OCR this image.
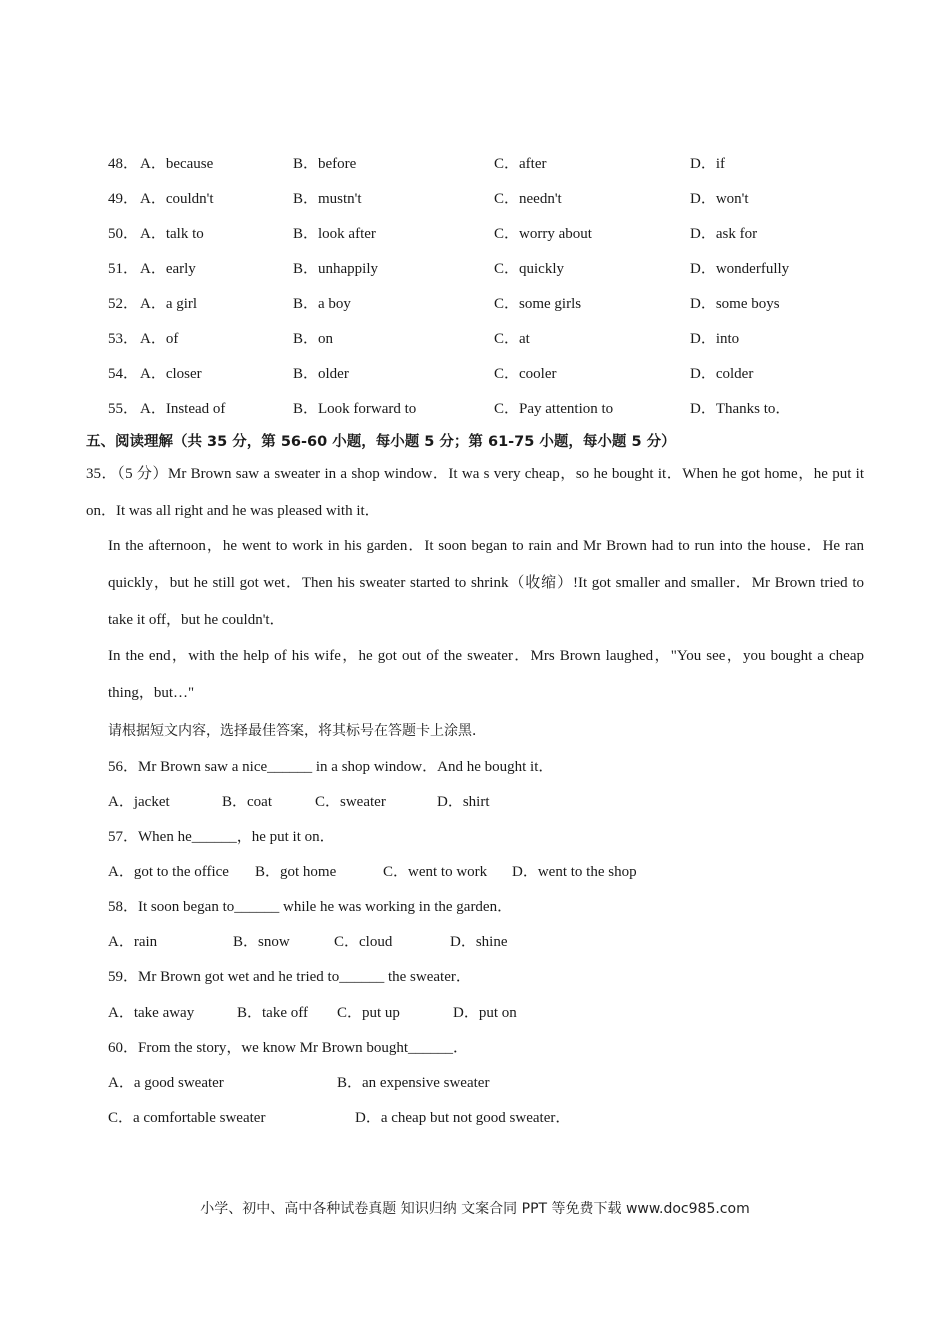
48． A．because	B．before	C．after	D．if
49． A．couldn't	B．mustn't	C．needn't	D．won't
50． A．talk to	B．look after	C．worry about	D．ask for
51． A．early	B．unhappily	C．quickly	D．wonderfully
52． A．a girl	B．a boy	C．some girls	D．some boys
53． A．of	B．on	C．at	D．into
54． A．closer	B．older	C．cooler	D．colder
55． A．Instead of	B．Look forward to	C．Pay attention to	D．Thanks to．
五、阅读理解（共 35 分，第 56-60 小题，每小题 5 分；第 61-75 小题，每小题 5 分）
35．（5 分）Mr Brown saw a sweater in a shop window．It wa s very cheap，so he bought it．When he got home，he put it on．It was all right and he was pleased with it．
In the afternoon，he went to work in his garden．It soon began to rain and Mr Brown had to run into the house．He ran quickly，but he still got wet．Then his sweater started to shrink（收缩）!It got smaller and smaller．Mr Brown tried to take it off，but he couldn't．
In the end，with the help of his wife，he got out of the sweater．Mrs Brown laughed，"You see，you bought a cheap thing，but…"
请根据短文内容，选择最佳答案，将其标号在答题卡上涂黑．
56．Mr Brown saw a nice______ in a shop window．And he bought it．
A．jacket	B．coat	C．sweater	D．shirt
57．When he______，he put it on．
A．got to the office B．got home	C．went to work D．went to the shop
58．It soon began to______ while he was working in the garden．
A．rain	B．snow	C．cloud	D．shine
59．Mr Brown got wet and he tried to______ the sweater．
A．take away	B．take off C．put up	D．put on
60．From the story，we know Mr Brown bought______．
A．a good sweater	B．an expensive sweater
C．a comfortable sweater	D．a cheap but not good sweater．
小学、初中、高中各种试卷真题 知识归纳 文案合同 PPT 等免费下载 www.doc985.com
